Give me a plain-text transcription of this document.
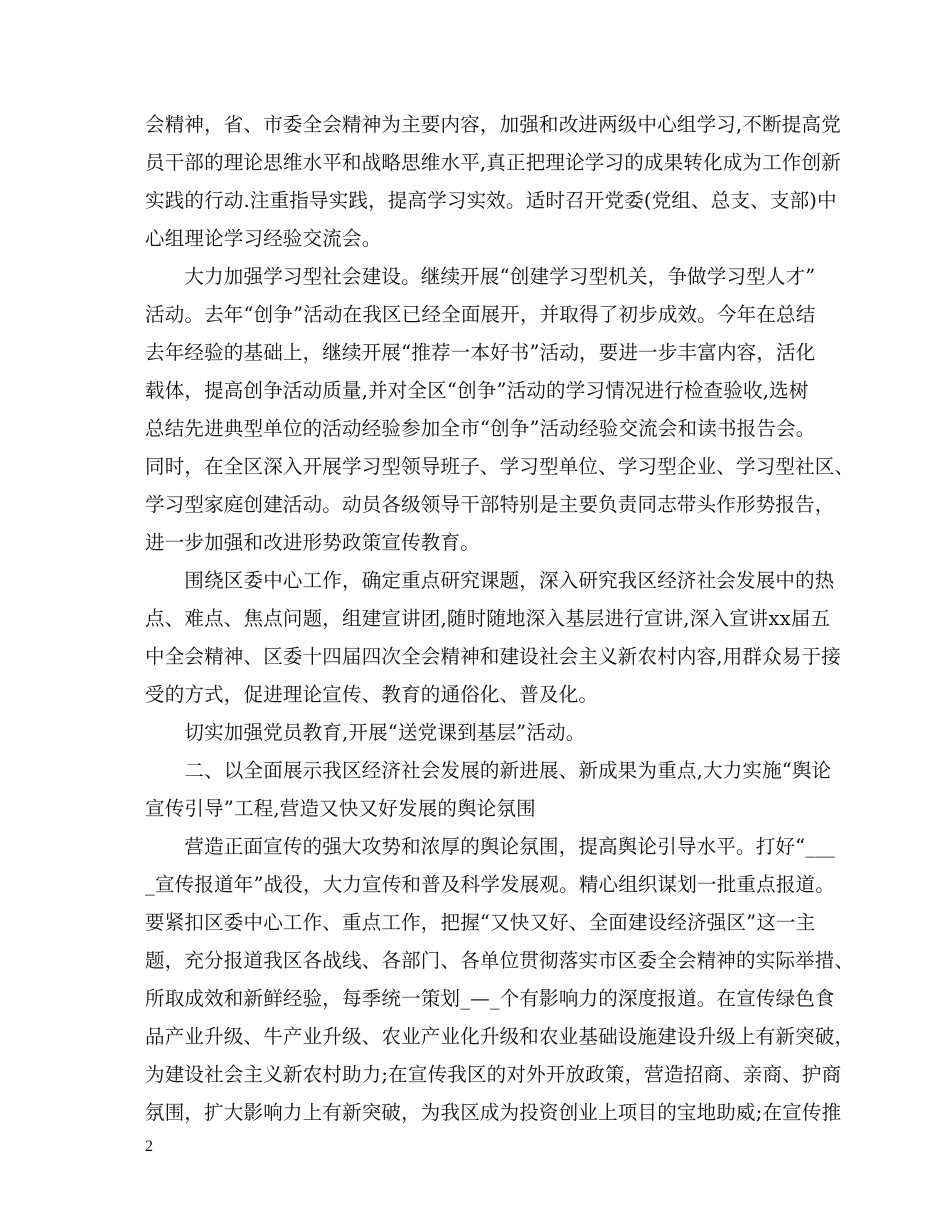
会精神，省、市委全会精神为主要内容，加强和改进两级中心组学习,不断提高党
员干部的理论思维水平和战略思维水平,真正把理论学习的成果转化成为工作创新
实践的行动.注重指导实践，提高学习实效。适时召开党委(党组、总支、支部)中
心组理论学习经验交流会。
　　大力加强学习型社会建设。继续开展“创建学习型机关，争做学习型人才”
活动。去年“创争”活动在我区已经全面展开，并取得了初步成效。今年在总结
去年经验的基础上，继续开展“推荐一本好书”活动，要进一步丰富内容，活化
载体，提高创争活动质量,并对全区“创争”活动的学习情况进行检查验收,选树
总结先进典型单位的活动经验参加全市“创争”活动经验交流会和读书报告会。
同时，在全区深入开展学习型领导班子、学习型单位、学习型企业、学习型社区、
学习型家庭创建活动。动员各级领导干部特别是主要负责同志带头作形势报告，
进一步加强和改进形势政策宣传教育。
　　围绕区委中心工作，确定重点研究课题，深入研究我区经济社会发展中的热
点、难点、焦点问题，组建宣讲团,随时随地深入基层进行宣讲,深入宣讲xx届五
中全会精神、区委十四届四次全会精神和建设社会主义新农村内容,用群众易于接
受的方式，促进理论宣传、教育的通俗化、普及化。
　　切实加强党员教育,开展“送党课到基层”活动。
　　二、以全面展示我区经济社会发展的新进展、新成果为重点,大力实施“舆论
宣传引导”工程,营造又快又好发展的舆论氛围
　　营造正面宣传的强大攻势和浓厚的舆论氛围，提高舆论引导水平。打好“___
_宣传报道年”战役，大力宣传和普及科学发展观。精心组织谋划一批重点报道。
要紧扣区委中心工作、重点工作，把握“又快又好、全面建设经济强区”这一主
题，充分报道我区各战线、各部门、各单位贯彻落实市区委全会精神的实际举措、
所取成效和新鲜经验，每季统一策划_—_个有影响力的深度报道。在宣传绿色食
品产业升级、牛产业升级、农业产业化升级和农业基础设施建设升级上有新突破，
为建设社会主义新农村助力;在宣传我区的对外开放政策，营造招商、亲商、护商
氛围，扩大影响力上有新突破，为我区成为投资创业上项目的宝地助威;在宣传推
2
